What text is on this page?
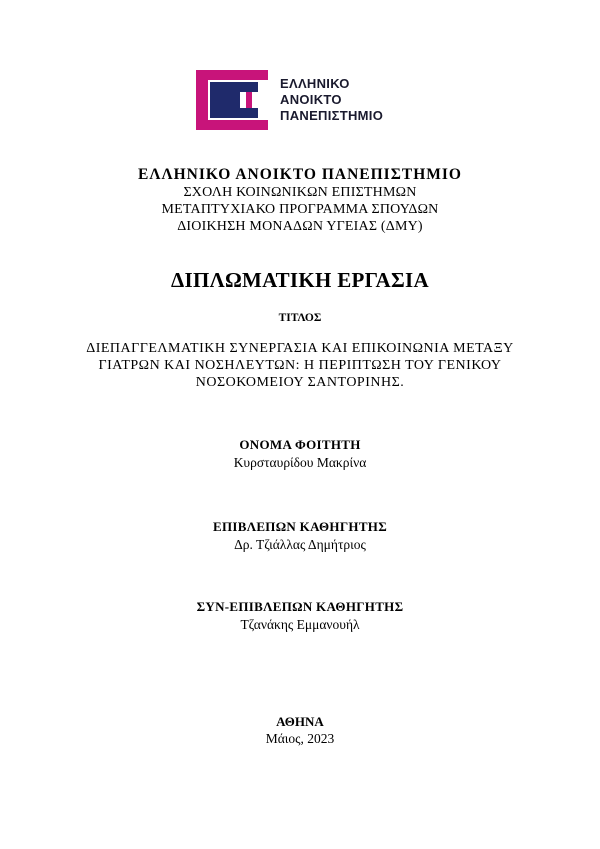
ΕΛΛΗΝΙΚΟ
ΑΝΟΙΚΤΟ
ΠΑΝΕΠΙΣΤΗΜΙΟ
ΕΛΛΗΝΙΚΟ ΑΝΟΙΚΤΟ ΠΑΝΕΠΙΣΤΗΜΙΟ
ΣΧΟΛΗ ΚΟΙΝΩΝΙΚΩΝ ΕΠΙΣΤΗΜΩΝ
ΜΕΤΑΠΤΥΧΙΑΚΟ ΠΡΟΓΡΑΜΜΑ ΣΠΟΥΔΩΝ
ΔΙΟΙΚΗΣΗ ΜΟΝΑΔΩΝ ΥΓΕΙΑΣ (ΔΜΥ)
ΔΙΠΛΩΜΑΤΙΚΗ ΕΡΓΑΣΙΑ
ΤΙΤΛΟΣ
ΔΙΕΠΑΓΓΕΛΜΑΤΙΚΗ ΣΥΝΕΡΓΑΣΙΑ ΚΑΙ ΕΠΙΚΟΙΝΩΝΙΑ ΜΕΤΑΞΥ
ΓΙΑΤΡΩΝ ΚΑΙ ΝΟΣΗΛΕΥΤΩΝ: Η ΠΕΡΙΠΤΩΣΗ ΤΟΥ ΓΕΝΙΚΟΥ
ΝΟΣΟΚΟΜΕΙΟΥ ΣΑΝΤΟΡΙΝΗΣ.
ΟΝΟΜΑ ΦΟΙΤΗΤΗ
Κυρσταυρίδου Μακρίνα
ΕΠΙΒΛΕΠΩΝ ΚΑΘΗΓΗΤΗΣ
Δρ. Τζιάλλας Δημήτριος
ΣΥΝ-ΕΠΙΒΛΕΠΩΝ ΚΑΘΗΓΗΤΗΣ
Τζανάκης Εμμανουήλ
ΑΘΗΝΑ
Μάιος, 2023
